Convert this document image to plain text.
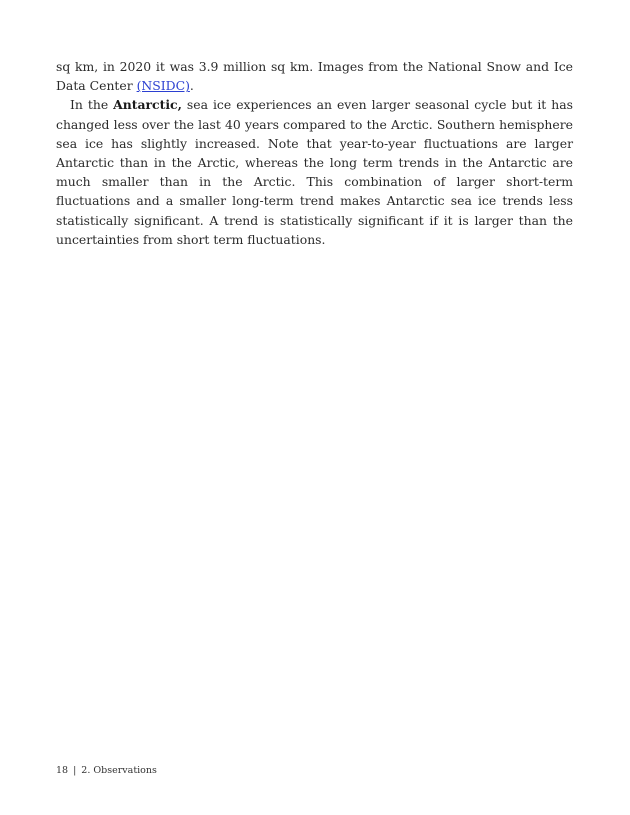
sq km, in 2020 it was 3.9 million sq km. Images from the National Snow and Ice Data Center (NSIDC).

In the Antarctic, sea ice experiences an even larger seasonal cycle but it has changed less over the last 40 years compared to the Arctic. Southern hemisphere sea ice has slightly increased. Note that year-to-year fluctuations are larger Antarctic than in the Arctic, whereas the long term trends in the Antarctic are much smaller than in the Arctic. This combination of larger short-term fluctuations and a smaller long-term trend makes Antarctic sea ice trends less statistically significant. A trend is statistically significant if it is larger than the uncertainties from short term fluctuations.

18 | 2. Observations
